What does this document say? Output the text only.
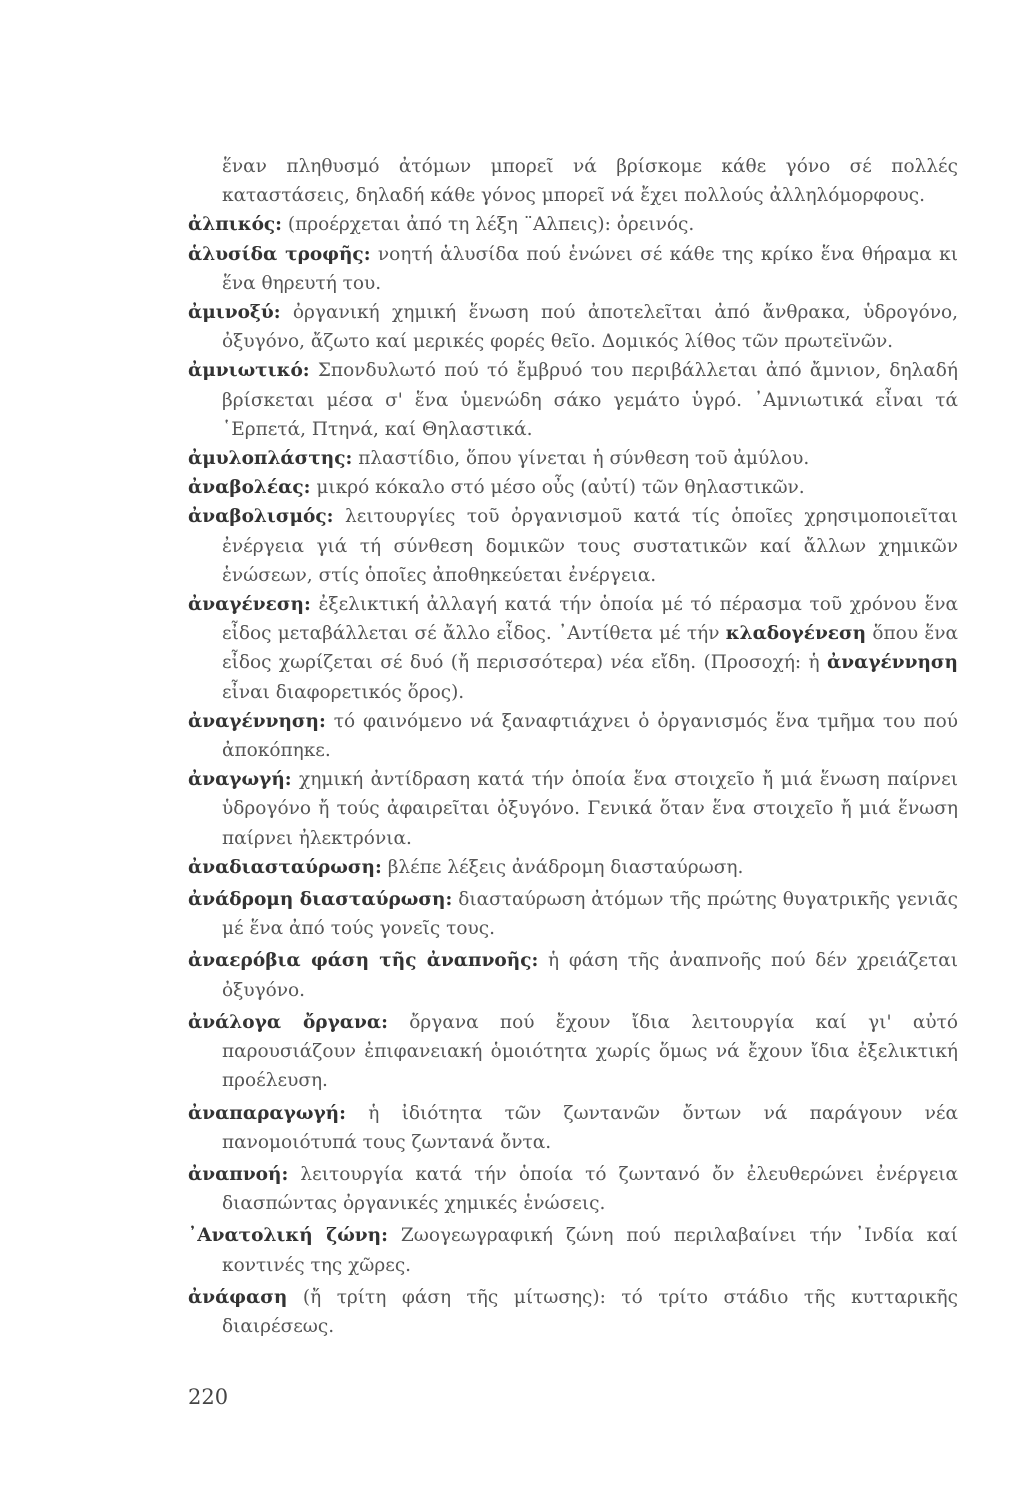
ἕναν πληθυσμό ἀτόμων μπορεῖ νά βρίσκομε κάθε γόνο σέ πολλές καταστάσεις, δηλαδή κάθε γόνος μπορεῖ νά ἔχει πολλούς ἀλληλόμορφους.

ἀλπικός: (προέρχεται ἀπό τη λέξη ¨Αλπεις): ὀρεινός.

ἁλυσίδα τροφῆς: νοητή ἁλυσίδα πού ἑνώνει σέ κάθε της κρίκο ἕνα θήραμα κι ἕνα θηρευτή του.

ἀμινοξύ: ὀργανική χημική ἕνωση πού ἀποτελεῖται ἀπό ἄνθρακα, ὑδρογόνο, ὀξυγόνο, ἄζωτο καί μερικές φορές θεῖο. Δομικός λίθος τῶν πρωτεϊνῶν.

ἀμνιωτικό: Σπονδυλωτό πού τό ἔμβρυό του περιβάλλεται ἀπό ἄμνιον, δηλαδή βρίσκεται μέσα σ' ἕνα ὑμενώδη σάκο γεμάτο ὑγρό. ᾿Αμνιωτικά εἶναι τά ῾Ερπετά, Πτηνά, καί Θηλαστικά.

ἀμυλοπλάστης: πλαστίδιο, ὅπου γίνεται ἡ σύνθεση τοῦ ἀμύλου.

ἀναβολέας: μικρό κόκαλο στό μέσο οὖς (αὐτί) τῶν θηλαστικῶν.

ἀναβολισμός: λειτουργίες τοῦ ὀργανισμοῦ κατά τίς ὁποῖες χρησιμοποιεῖται ἐνέργεια γιά τή σύνθεση δομικῶν τους συστατικῶν καί ἄλλων χημικῶν ἑνώσεων, στίς ὁποῖες ἀποθηκεύεται ἐνέργεια.

ἀναγένεση: ἐξελικτική ἀλλαγή κατά τήν ὁποία μέ τό πέρασμα τοῦ χρόνου ἕνα εἶδος μεταβάλλεται σέ ἄλλο εἶδος. ᾿Αντίθετα μέ τήν κλαδογένεση ὅπου ἕνα εἶδος χωρίζεται σέ δυό (ἤ περισσότερα) νέα εἴδη. (Προσοχή: ἡ ἀναγέννηση εἶναι διαφορετικός ὅρος).

ἀναγέννηση: τό φαινόμενο νά ξαναφτιάχνει ὁ ὀργανισμός ἕνα τμῆμα του πού ἀποκόπηκε.

ἀναγωγή: χημική ἀντίδραση κατά τήν ὁποία ἕνα στοιχεῖο ἤ μιά ἕνωση παίρνει ὑδρογόνο ἤ τούς ἀφαιρεῖται ὀξυγόνο. Γενικά ὅταν ἕνα στοιχεῖο ἤ μιά ἕνωση παίρνει ἠλεκτρόνια.

ἀναδιασταύρωση: βλέπε λέξεις ἀνάδρομη διασταύρωση.

ἀνάδρομη διασταύρωση: διασταύρωση ἀτόμων τῆς πρώτης θυγατρικῆς γενιᾶς μέ ἕνα ἀπό τούς γονεῖς τους.

ἀναερόβια φάση τῆς ἀναπνοῆς: ἡ φάση τῆς ἀναπνοῆς πού δέν χρειάζεται ὀξυγόνο.

ἀνάλογα ὄργανα: ὄργανα πού ἔχουν ἴδια λειτουργία καί γι' αὐτό παρουσιάζουν ἐπιφανειακή ὁμοιότητα χωρίς ὅμως νά ἔχουν ἴδια ἐξελικτική προέλευση.

ἀναπαραγωγή: ἡ ἰδιότητα τῶν ζωντανῶν ὄντων νά παράγουν νέα πανομοιότυπά τους ζωντανά ὄντα.

ἀναπνοή: λειτουργία κατά τήν ὁποία τό ζωντανό ὄν ἐλευθερώνει ἐνέργεια διασπώντας ὀργανικές χημικές ἑνώσεις.

᾿Ανατολική ζώνη: Ζωογεωγραφική ζώνη πού περιλαβαίνει τήν ᾿Ινδία καί κοντινές της χῶρες.

ἀνάφαση (ἤ τρίτη φάση τῆς μίτωσης): τό τρίτο στάδιο τῆς κυτταρικῆς διαιρέσεως.

220
